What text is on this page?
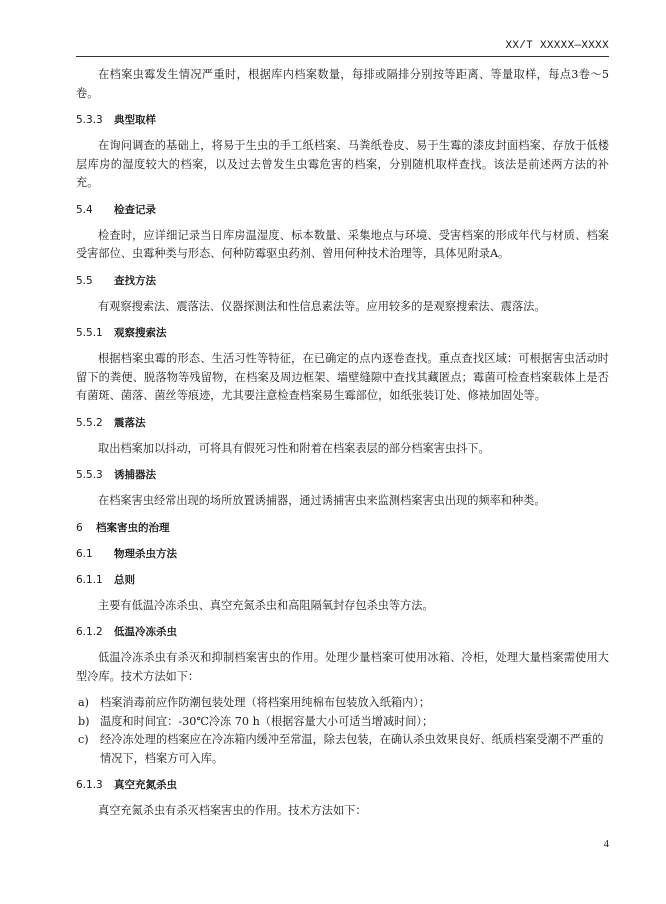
XX/T XXXXX—XXXX

在档案虫霉发生情况严重时，根据库内档案数量，每排或隔排分别按等距离、等量取样，每点3卷～5卷。

5.3.3 典型取样

在询问调查的基础上，将易于生虫的手工纸档案、马粪纸卷皮、易于生霉的漆皮封面档案、存放于低楼层库房的湿度较大的档案，以及过去曾发生虫霉危害的档案，分别随机取样查找。该法是前述两方法的补充。

5.4 检查记录

检查时，应详细记录当日库房温湿度、标本数量、采集地点与环境、受害档案的形成年代与材质、档案受害部位、虫霉种类与形态、何种防霉驱虫药剂、曾用何种技术治理等，具体见附录A。

5.5 查找方法

有观察搜索法、震落法、仪器探测法和性信息素法等。应用较多的是观察搜索法、震落法。

5.5.1 观察搜索法

根据档案虫霉的形态、生活习性等特征，在已确定的点内逐卷查找。重点查找区域：可根据害虫活动时留下的粪便、脱落物等残留物，在档案及周边框架、墙壁缝隙中查找其藏匿点；霉菌可检查档案载体上是否有菌斑、菌落、菌丝等痕迹，尤其要注意检查档案易生霉部位，如纸张装订处、修裱加固处等。

5.5.2 震落法

取出档案加以抖动，可将具有假死习性和附着在档案表层的部分档案害虫抖下。

5.5.3 诱捕器法

在档案害虫经常出现的场所放置诱捕器，通过诱捕害虫来监测档案害虫出现的频率和种类。

6 档案害虫的治理
6.1 物理杀虫方法
6.1.1 总则

主要有低温冷冻杀虫、真空充氮杀虫和高阻隔氧封存包杀虫等方法。

6.1.2 低温冷冻杀虫

低温冷冻杀虫有杀灭和抑制档案害虫的作用。处理少量档案可使用冰箱、冷柜，处理大量档案需使用大型冷库。技术方法如下：

a) 档案消毒前应作防潮包装处理（将档案用纯棉布包装放入纸箱内）；
b) 温度和时间宜：-30℃冷冻 70 h（根据容量大小可适当增减时间）；
c)	经冷冻处理的档案应在冷冻箱内缓冲至常温，除去包装，在确认杀虫效果良好、纸质档案受潮不严重的情况下，档案方可入库。
6.1.3 真空充氮杀虫

真空充氮杀虫有杀灭档案害虫的作用。技术方法如下：

4
